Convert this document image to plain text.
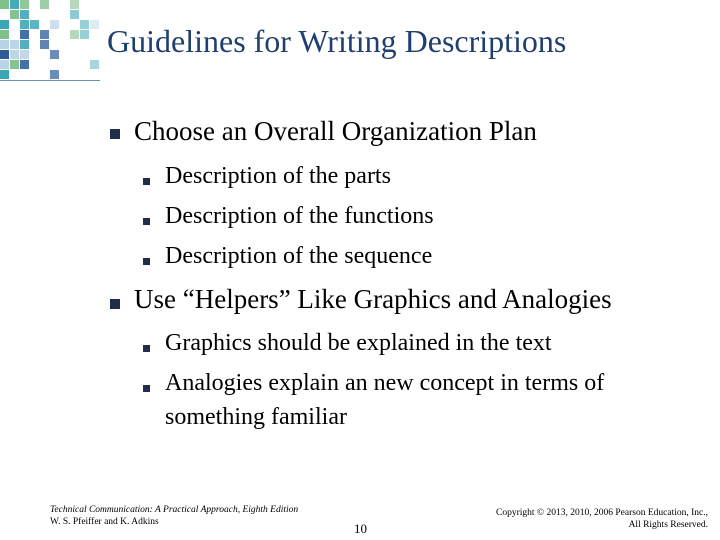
Guidelines for Writing Descriptions
Choose an Overall Organization Plan
Description of the parts
Description of the functions
Description of the sequence
Use “Helpers” Like Graphics and Analogies
Graphics should be explained in the text
Analogies explain an new concept in terms of
something familiar
Technical Communication: A Practical Approach, Eighth Edition
W. S. Pfeiffer and K. Adkins	10
Copyright © 2013, 2010, 2006 Pearson Education, Inc.,
All Rights Reserved.
